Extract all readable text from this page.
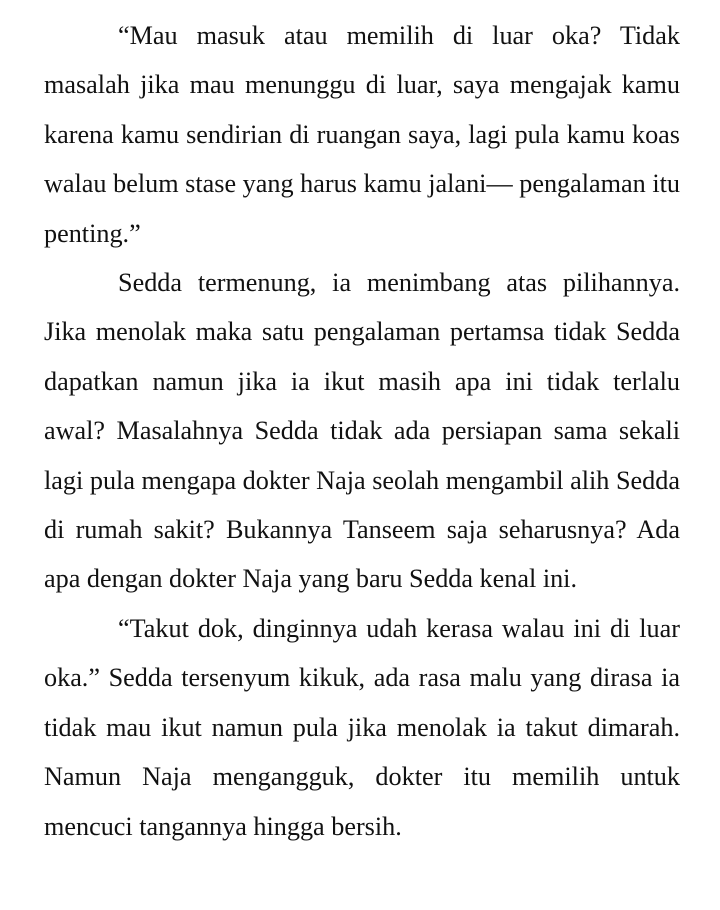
“Mau masuk atau memilih di luar oka? Tidak masalah jika mau menunggu di luar, saya mengajak kamu karena kamu sendirian di ruangan saya, lagi pula kamu koas walau belum stase yang harus kamu jalani— pengalaman itu penting.”

Sedda termenung, ia menimbang atas pilihannya. Jika menolak maka satu pengalaman pertamsa tidak Sedda dapatkan namun jika ia ikut masih apa ini tidak terlalu awal? Masalahnya Sedda tidak ada persiapan sama sekali lagi pula mengapa dokter Naja seolah mengambil alih Sedda di rumah sakit? Bukannya Tanseem saja seharusnya? Ada apa dengan dokter Naja yang baru Sedda kenal ini.

“Takut dok, dinginnya udah kerasa walau ini di luar oka.” Sedda tersenyum kikuk, ada rasa malu yang dirasa ia tidak mau ikut namun pula jika menolak ia takut dimarah. Namun Naja mengangguk, dokter itu memilih untuk mencuci tangannya hingga bersih.
